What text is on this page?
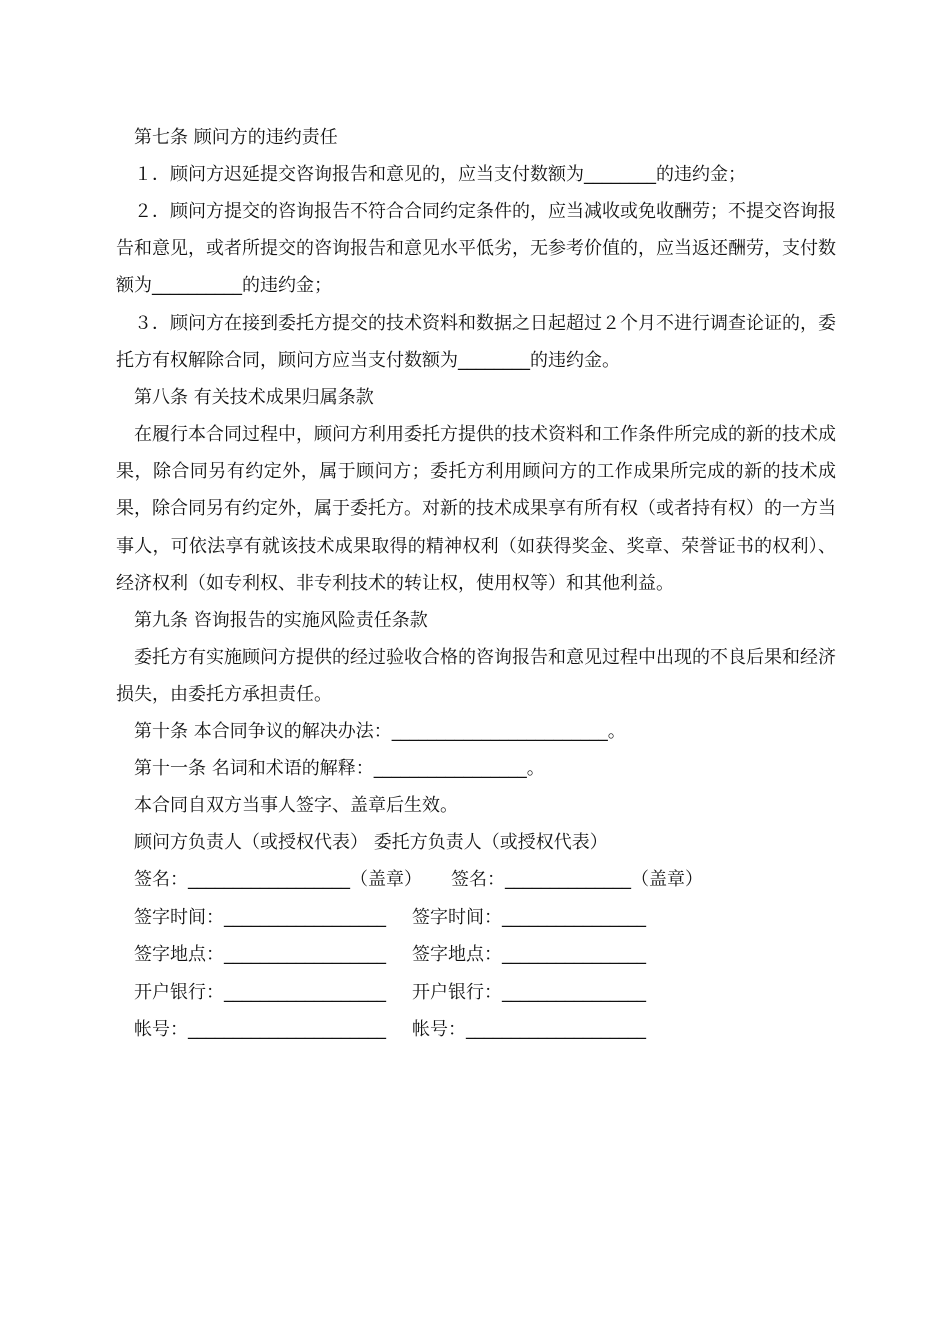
第七条 顾问方的违约责任
１．顾问方迟延提交咨询报告和意见的，应当支付数额为________的违约金；
２．顾问方提交的咨询报告不符合合同约定条件的，应当减收或免收酬劳；不提交咨询报告和意见，或者所提交的咨询报告和意见水平低劣，无参考价值的，应当返还酬劳，支付数额为__________的违约金；
３．顾问方在接到委托方提交的技术资料和数据之日起超过２个月不进行调查论证的，委托方有权解除合同，顾问方应当支付数额为________的违约金。
第八条 有关技术成果归属条款
在履行本合同过程中，顾问方利用委托方提供的技术资料和工作条件所完成的新的技术成果，除合同另有约定外，属于顾问方；委托方利用顾问方的工作成果所完成的新的技术成果，除合同另有约定外，属于委托方。对新的技术成果享有所有权（或者持有权）的一方当事人，可依法享有就该技术成果取得的精神权利（如获得奖金、奖章、荣誉证书的权利）、经济权利（如专利权、非专利技术的转让权，使用权等）和其他利益。
第九条 咨询报告的实施风险责任条款
委托方有实施顾问方提供的经过验收合格的咨询报告和意见过程中出现的不良后果和经济损失，由委托方承担责任。
第十条 本合同争议的解决办法：________________________。
第十一条 名词和术语的解释：_________________。
本合同自双方当事人签字、盖章后生效。
顾问方负责人（或授权代表） 委托方负责人（或授权代表）
签名：__________________（盖章） 签名：______________（盖章）
签字时间：__________________ 签字时间：________________
签字地点：__________________ 签字地点：________________
开户银行：__________________ 开户银行：________________
帐号：______________________ 帐号：____________________
